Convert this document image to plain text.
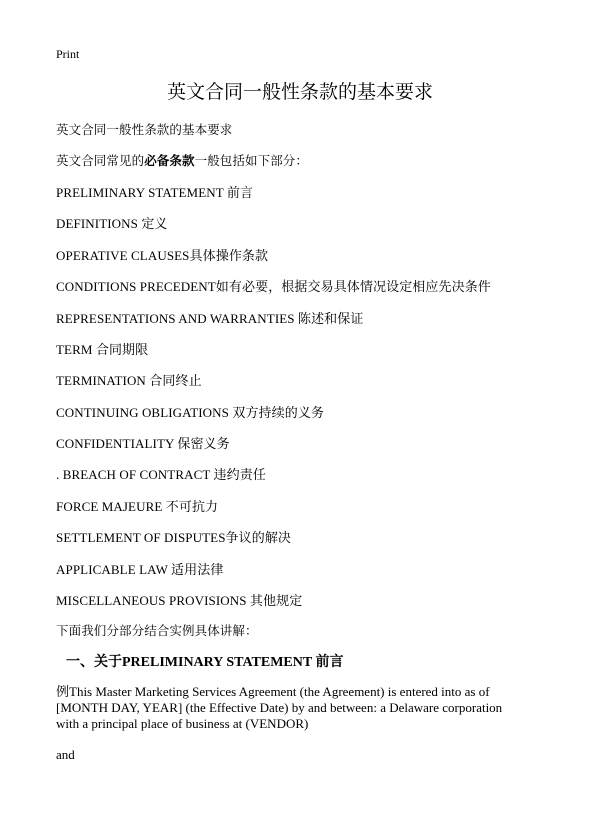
Print
英文合同一般性条款的基本要求
英文合同一般性条款的基本要求
英文合同常见的必备条款一般包括如下部分：
PRELIMINARY STATEMENT 前言
DEFINITIONS 定义
OPERATIVE CLAUSES具体操作条款
CONDITIONS PRECEDENT如有必要，根据交易具体情况设定相应先决条件
REPRESENTATIONS AND WARRANTIES 陈述和保证
TERM 合同期限
TERMINATION 合同终止
CONTINUING OBLIGATIONS 双方持续的义务
CONFIDENTIALITY 保密义务
. BREACH OF CONTRACT 违约责任
FORCE MAJEURE 不可抗力
SETTLEMENT OF DISPUTES争议的解决
APPLICABLE LAW 适用法律
MISCELLANEOUS PROVISIONS 其他规定
下面我们分部分结合实例具体讲解：
一、关于PRELIMINARY STATEMENT 前言
例This Master Marketing Services Agreement (the Agreement) is entered into as of
[MONTH DAY, YEAR] (the Effective Date) by and between: a Delaware corporation
with a principal place of business at (VENDOR)
and
